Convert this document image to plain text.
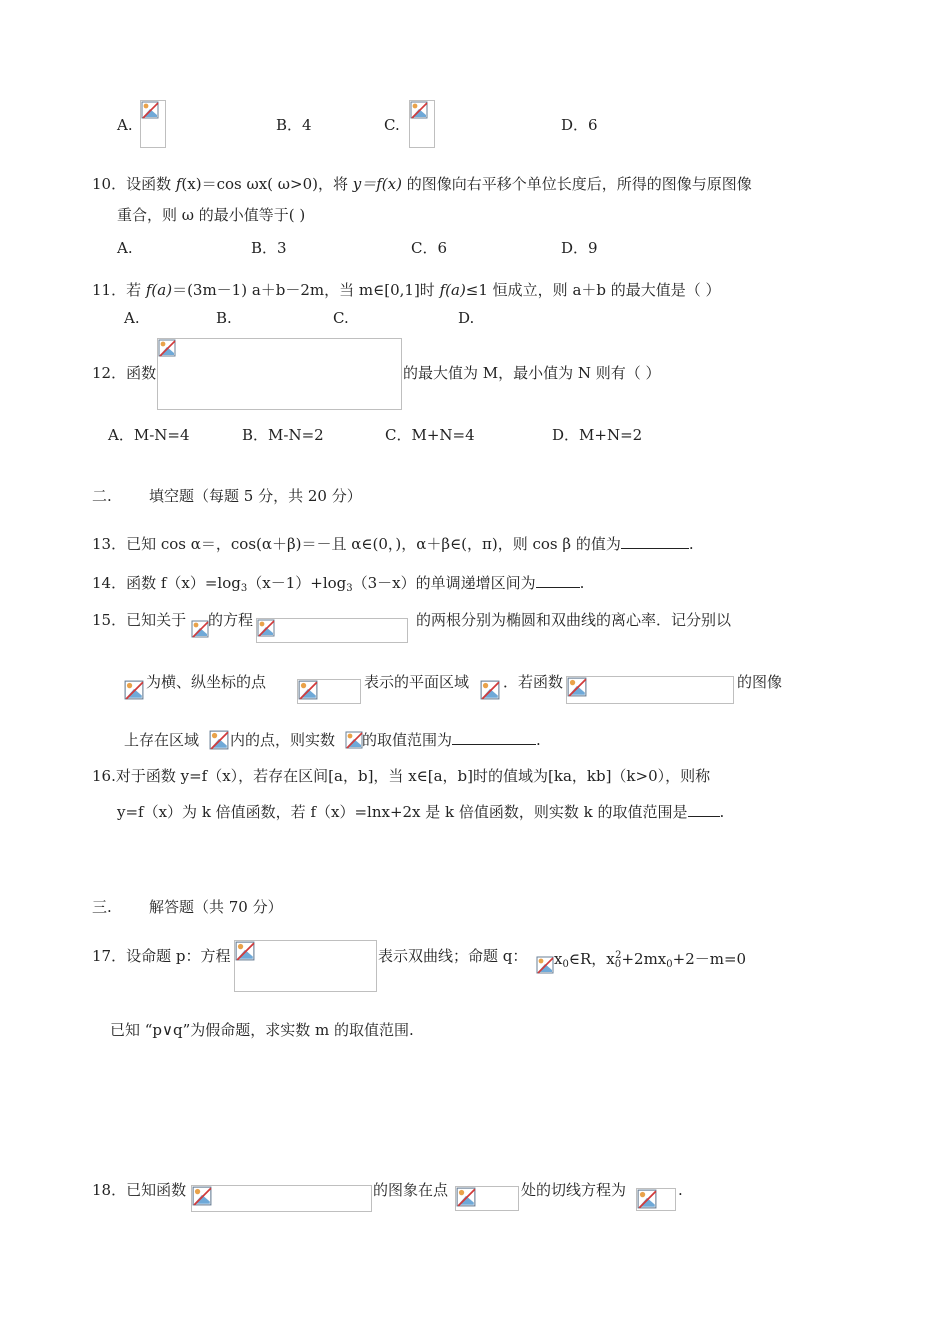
A.	B．4	C.	D．6
10．设函数 f(x)＝cos ωx( ω>0)，将 y＝f(x) 的图像向右平移个单位长度后，所得的图像与原图像
重合，则 ω 的最小值等于( )
A.	B．3	C．6	D．9
11．若 f(a)＝(3m－1) a＋b－2m，当 m∈[0,1]时 f(a)≤1 恒成立，则 a＋b 的最大值是（ ）
A.	B.	C.	D.
12．函数	的最大值为 M，最小值为 N 则有（ ）
A．M-N=4	B．M-N=2	C．M+N=4	D．M+N=2
二. 填空题（每题 5 分，共 20 分）
13．已知 cos α＝，cos(α＋β)＝－且 α∈(0，)，α＋β∈(，π)，则 cos β 的值为	.
14．函数 $f(x)=\log_3(x-1)+\log_3(3-x)$的单调递增区间为	.
15．已知关于 的方程	的两根分别为椭圆和双曲线的离心率．记分别以
为横、纵坐标的点	表示的平面区域 ．若函数	的图像
上存在区域 内的点，则实数 的取值范围为	.
16.对于函数 y=f（x），若存在区间[a，b]，当 x∈[a，b]时的值域为[ka，kb]（k>0），则称
y=f（x）为 k 倍值函数，若 f（x）=lnx+2x 是 k 倍值函数，则实数 k 的取值范围是 .
三. 解答题（共 70 分）
17．设命题 p：方程	表示双曲线；命题 q： $x_0\in R$，$x_0^2+2mx_0+2-m=0$
已知 “p∨q”为假命题，求实数 m 的取值范围.
18．已知函数	的图象在点	处的切线方程为	.
